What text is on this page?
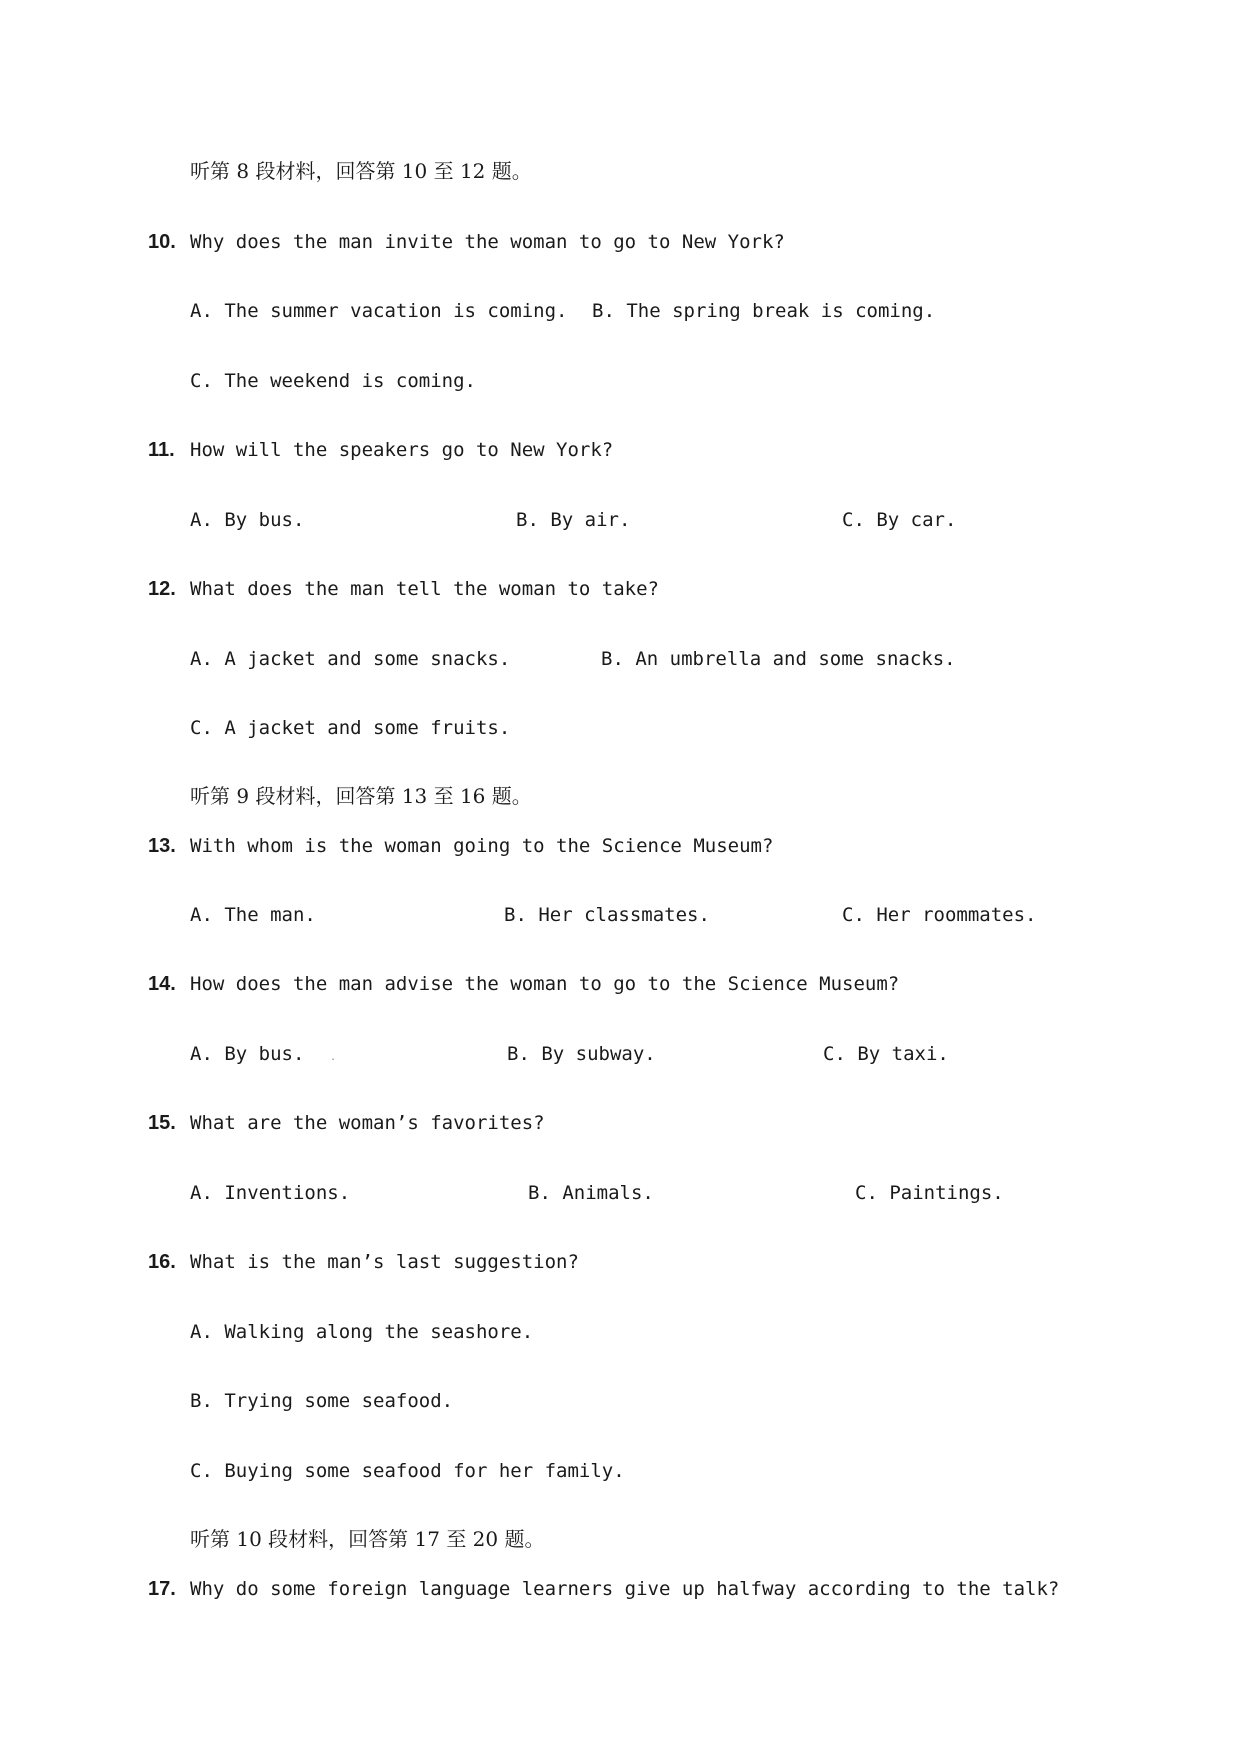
听第 8 段材料，回答第 10 至 12 题。
10. Why does the man invite the woman to go to New York?
A. The summer vacation is coming. B. The spring break is coming.
C. The weekend is coming.
11. How will the speakers go to New York?
A. By bus.	B. By air.	C. By car.
12. What does the man tell the woman to take?
A. A jacket and some snacks.	B. An umbrella and some snacks.
C. A jacket and some fruits.
听第 9 段材料，回答第 13 至 16 题。
13. With whom is the woman going to the Science Museum?
A. The man.	B. Her classmates.	C. Her roommates.
14. How does the man advise the woman to go to the Science Museum?
A. By bus.	.	B. By subway.	C. By taxi.
15. What are the woman’s favorites?
A. Inventions.	B. Animals.	C. Paintings.
16. What is the man’s last suggestion?
A. Walking along the seashore.
B. Trying some seafood.
C. Buying some seafood for her family.
听第 10 段材料，回答第 17 至 20 题。
17. Why do some foreign language learners give up halfway according to the talk?
